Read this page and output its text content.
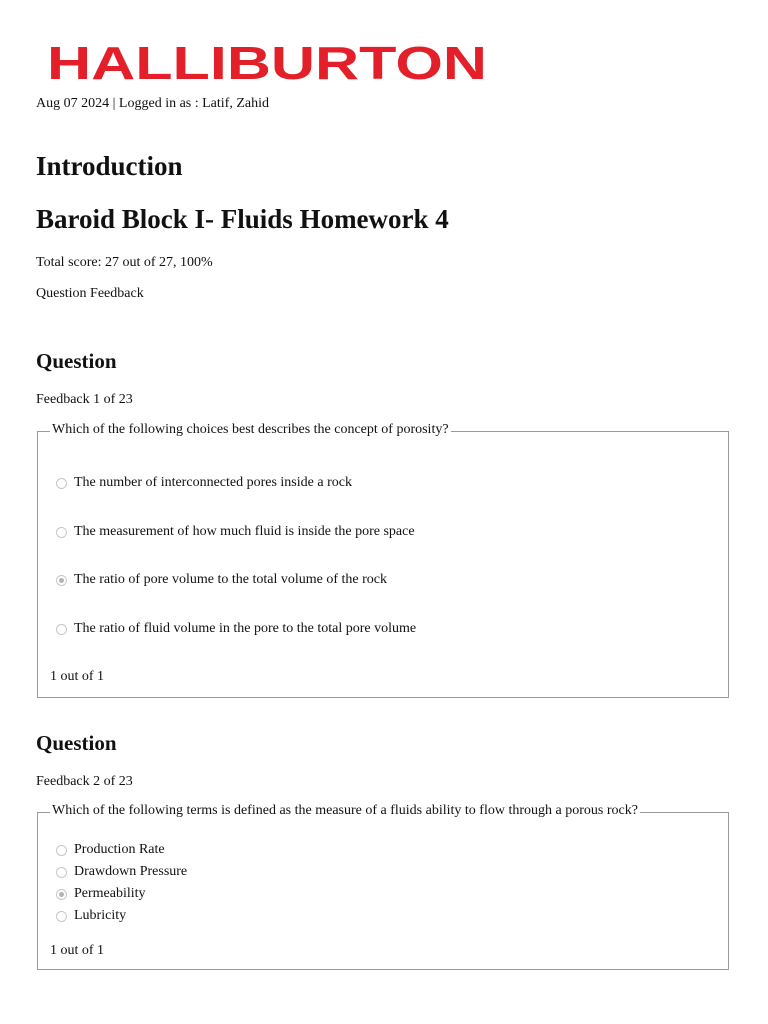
HALLIBURTON
Aug 07 2024 | Logged in as : Latif, Zahid
Introduction
Baroid Block I- Fluids Homework 4
Total score: 27 out of 27, 100%
Question Feedback
Question
Feedback 1 of 23
Which of the following choices best describes the concept of porosity?
The number of interconnected pores inside a rock
The measurement of how much fluid is inside the pore space
The ratio of pore volume to the total volume of the rock
The ratio of fluid volume in the pore to the total pore volume
1 out of 1
Question
Feedback 2 of 23
Which of the following terms is defined as the measure of a fluids ability to flow through a porous rock?
Production Rate
Drawdown Pressure
Permeability
Lubricity
1 out of 1
